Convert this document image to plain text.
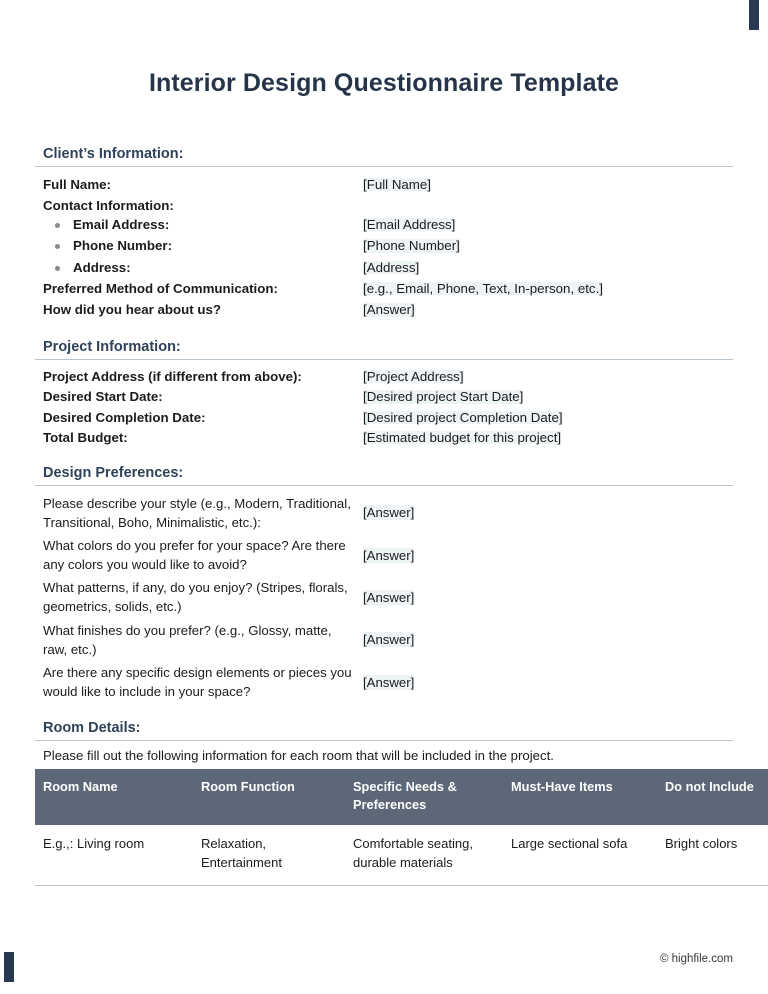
Interior Design Questionnaire Template
Client’s Information:
Full Name:	[Full Name]
Contact Information:
Email Address:	[Email Address]
Phone Number:	[Phone Number]
Address:	[Address]
Preferred Method of Communication:	[e.g., Email, Phone, Text, In-person, etc.]
How did you hear about us?	[Answer]
Project Information:
Project Address (if different from above):	[Project Address]
Desired Start Date:	[Desired project Start Date]
Desired Completion Date:	[Desired project Completion Date]
Total Budget:	[Estimated budget for this project]
Design Preferences:
Please describe your style (e.g., Modern, Traditional, Transitional, Boho, Minimalistic, etc.):
[Answer]
What colors do you prefer for your space? Are there any colors you would like to avoid?
[Answer]
What patterns, if any, do you enjoy? (Stripes, florals, geometrics, solids, etc.)
[Answer]
What finishes do you prefer? (e.g., Glossy, matte, raw, etc.)
[Answer]
Are there any specific design elements or pieces you would like to include in your space?
[Answer]
Room Details:
Please fill out the following information for each room that will be included in the project.
Room Name	Room Function	Specific Needs & Preferences	Must-Have Items	Do not Include
E.g.,: Living room	Relaxation, Entertainment	Comfortable seating, durable materials	Large sectional sofa	Bright colors
© highfile.com
